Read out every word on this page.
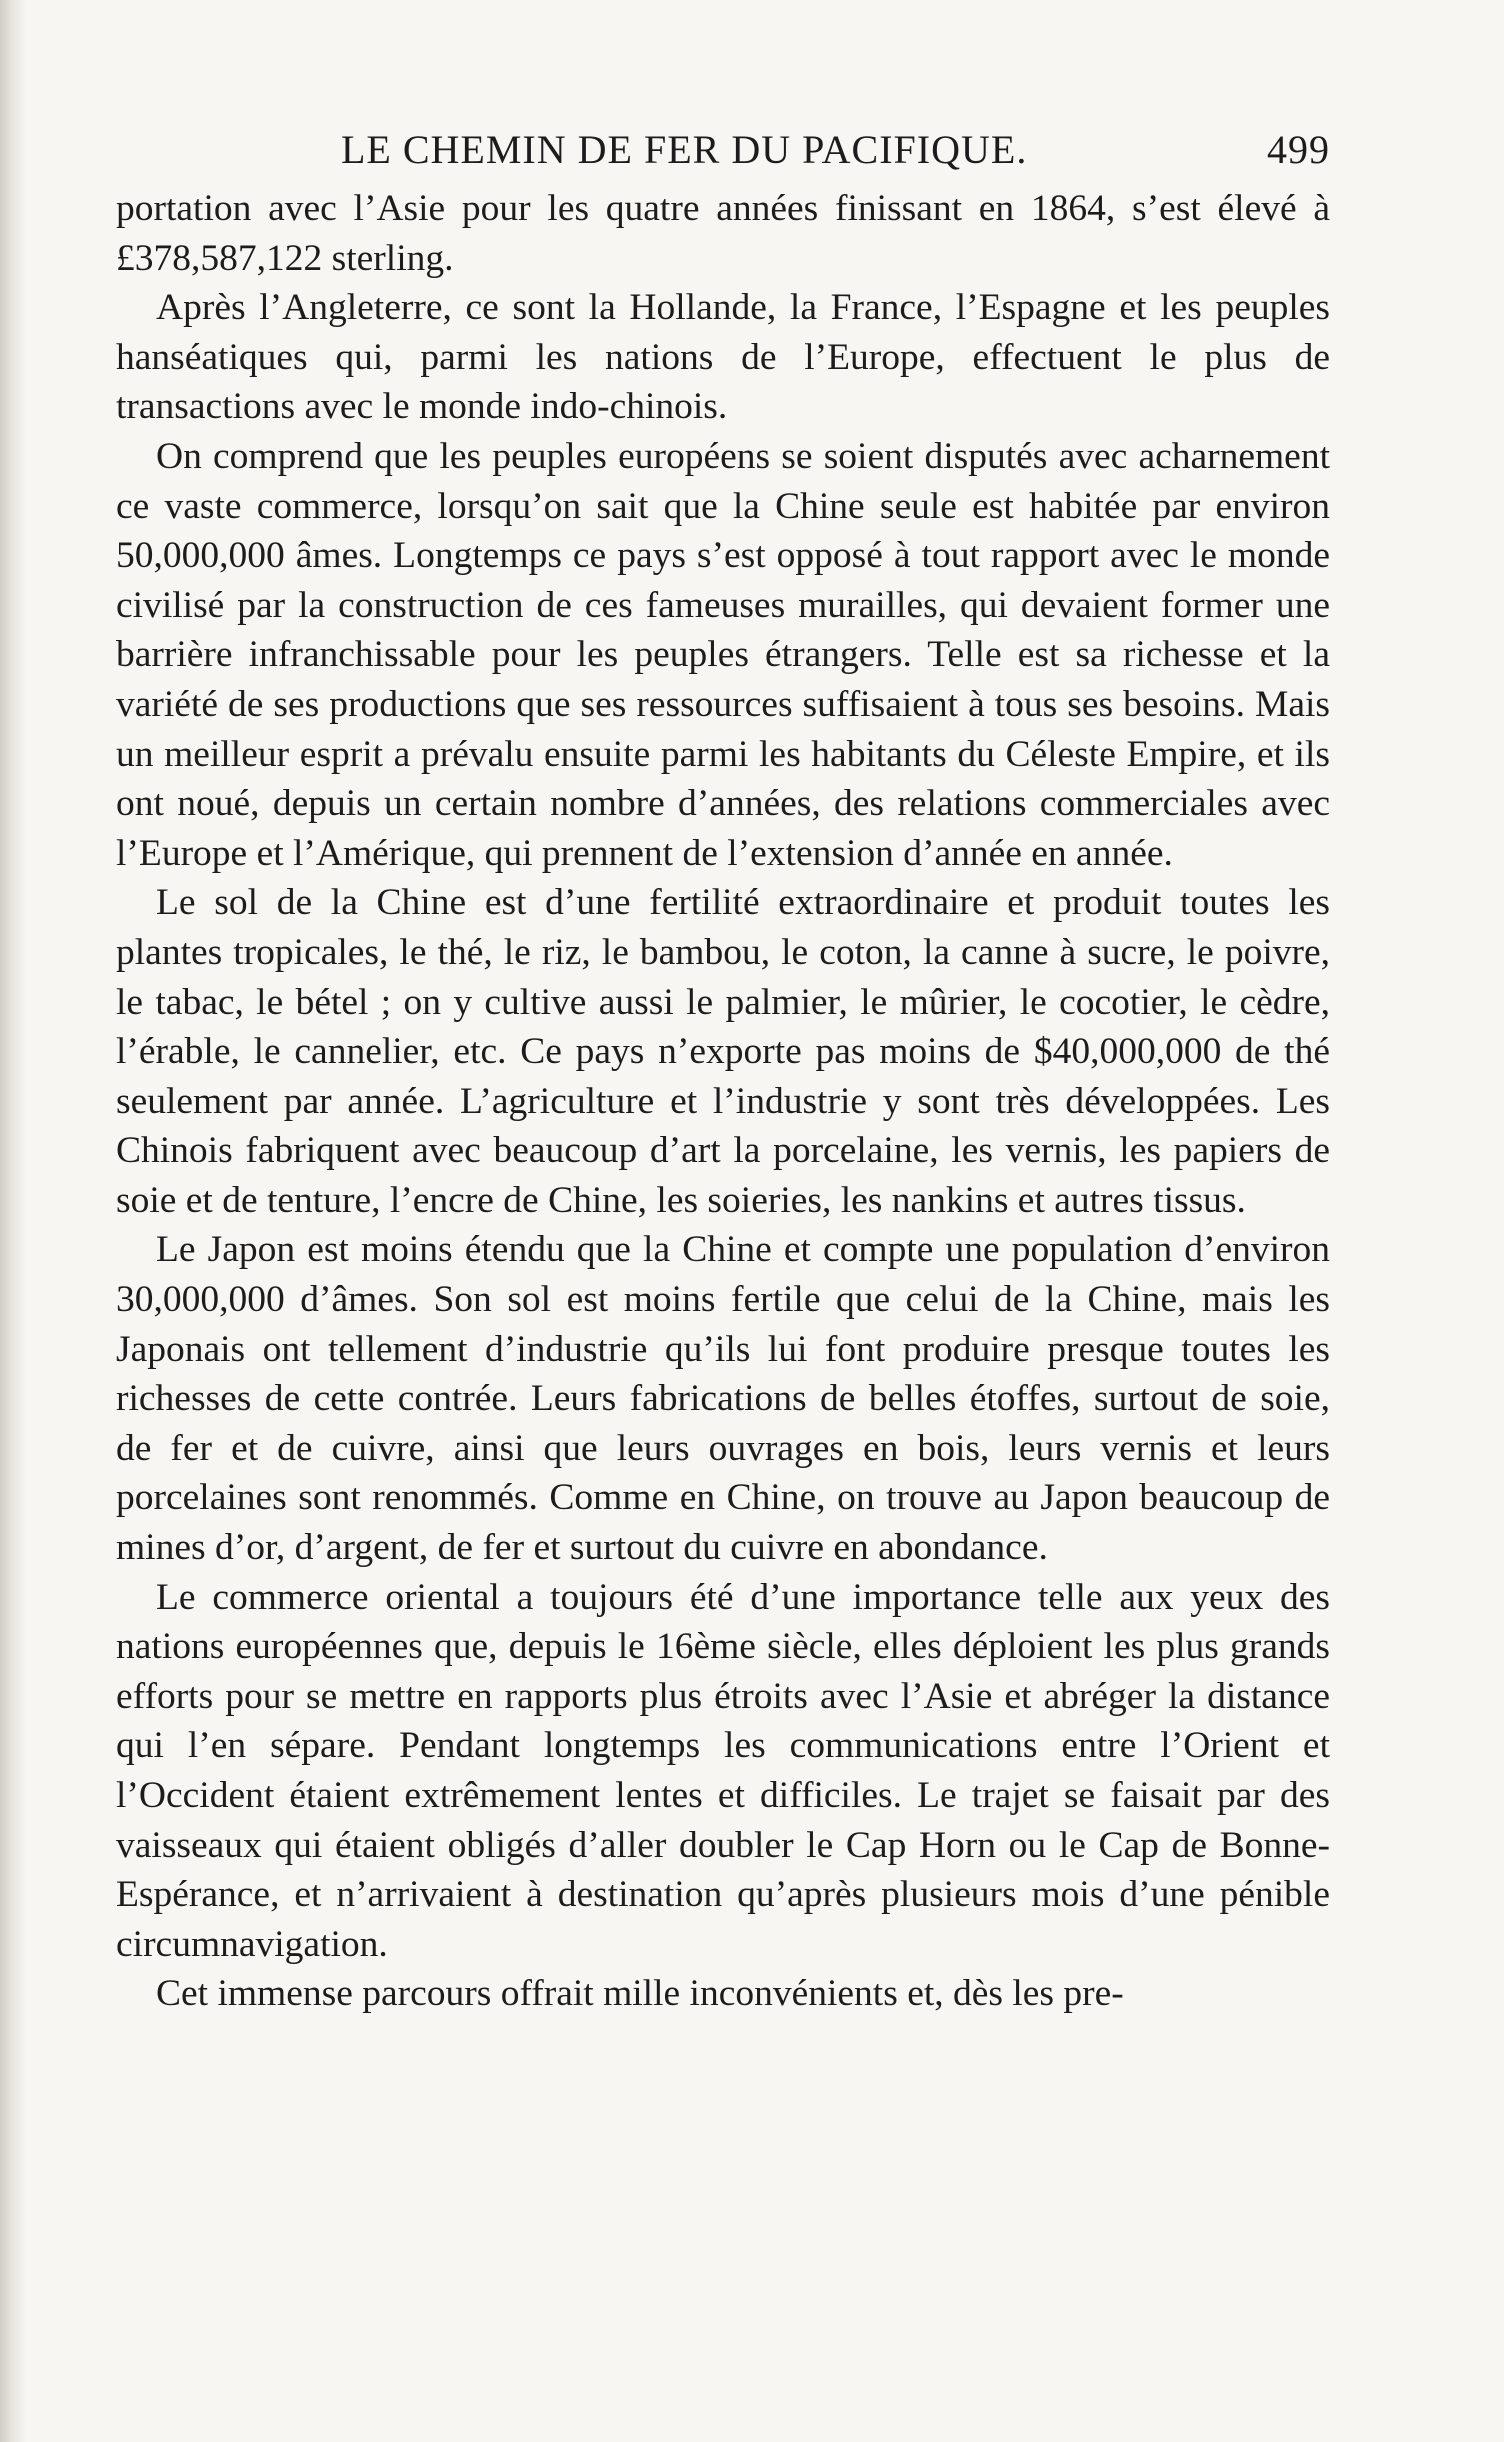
LE CHEMIN DE FER DU PACIFIQUE.	499

portation avec l’Asie pour les quatre années finissant en 1864, s’est élevé à £378,587,122 sterling.

Après l’Angleterre, ce sont la Hollande, la France, l’Espagne et les peuples hanséatiques qui, parmi les nations de l’Europe, effectuent le plus de transactions avec le monde indo-chinois.

On comprend que les peuples européens se soient disputés avec acharnement ce vaste commerce, lorsqu’on sait que la Chine seule est habitée par environ 50,000,000 âmes. Longtemps ce pays s’est opposé à tout rapport avec le monde civilisé par la construction de ces fameuses murailles, qui devaient former une barrière infranchissable pour les peuples étrangers. Telle est sa richesse et la variété de ses productions que ses ressources suffisaient à tous ses besoins. Mais un meilleur esprit a prévalu ensuite parmi les habitants du Céleste Empire, et ils ont noué, depuis un certain nombre d’années, des relations commerciales avec l’Europe et l’Amérique, qui prennent de l’extension d’année en année.

Le sol de la Chine est d’une fertilité extraordinaire et produit toutes les plantes tropicales, le thé, le riz, le bambou, le coton, la canne à sucre, le poivre, le tabac, le bétel ; on y cultive aussi le palmier, le mûrier, le cocotier, le cèdre, l’érable, le cannelier, etc. Ce pays n’exporte pas moins de $40,000,000 de thé seulement par année. L’agriculture et l’industrie y sont très développées. Les Chinois fabriquent avec beaucoup d’art la porcelaine, les vernis, les papiers de soie et de tenture, l’encre de Chine, les soieries, les nankins et autres tissus.

Le Japon est moins étendu que la Chine et compte une population d’environ 30,000,000 d’âmes. Son sol est moins fertile que celui de la Chine, mais les Japonais ont tellement d’industrie qu’ils lui font produire presque toutes les richesses de cette contrée. Leurs fabrications de belles étoffes, surtout de soie, de fer et de cuivre, ainsi que leurs ouvrages en bois, leurs vernis et leurs porcelaines sont renommés. Comme en Chine, on trouve au Japon beaucoup de mines d’or, d’argent, de fer et surtout du cuivre en abondance.

Le commerce oriental a toujours été d’une importance telle aux yeux des nations européennes que, depuis le 16ème siècle, elles déploient les plus grands efforts pour se mettre en rapports plus étroits avec l’Asie et abréger la distance qui l’en sépare. Pendant longtemps les communications entre l’Orient et l’Occident étaient extrêmement lentes et difficiles. Le trajet se faisait par des vaisseaux qui étaient obligés d’aller doubler le Cap Horn ou le Cap de Bonne-Espérance, et n’arrivaient à destination qu’après plusieurs mois d’une pénible circumnavigation.

Cet immense parcours offrait mille inconvénients et, dès les pre-
